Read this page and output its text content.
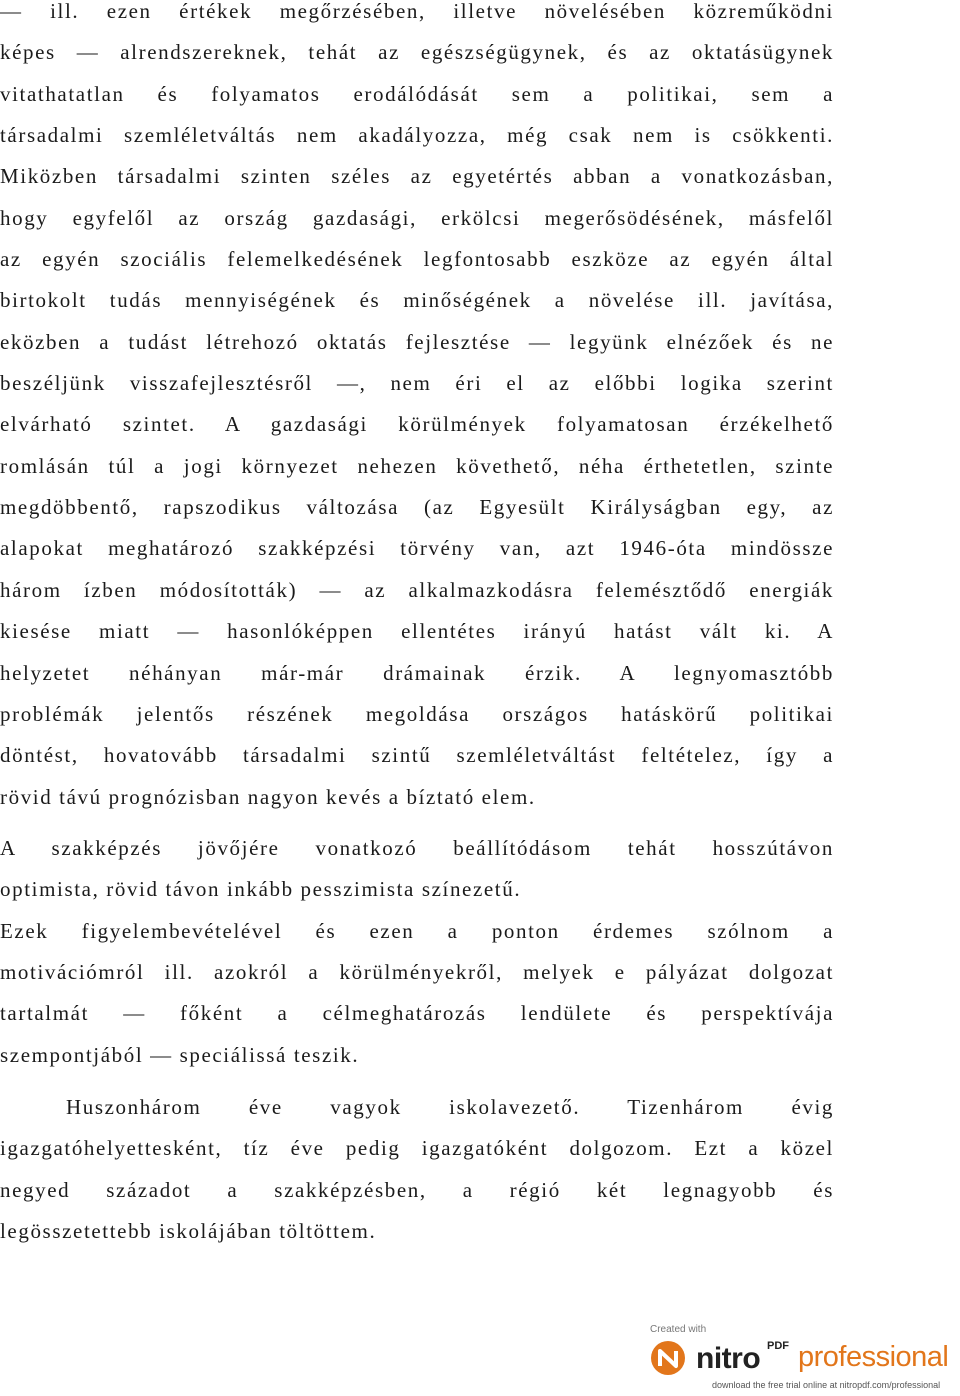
— ill. ezen értékek megőrzésében, illetve növelésében közreműködni
képes — alrendszereknek, tehát az egészségügynek, és az oktatásügynek
vitathatatlan és folyamatos erodálódását sem a politikai, sem a
társadalmi szemléletváltás nem akadályozza, még csak nem is csökkenti.
Miközben társadalmi szinten széles az egyetértés abban a vonatkozásban,
hogy egyfelől az ország gazdasági, erkölcsi megerősödésének, másfelől
az egyén szociális felemelkedésének legfontosabb eszköze az egyén által
birtokolt tudás mennyiségének és minőségének a növelése ill. javítása,
eközben a tudást létrehozó oktatás fejlesztése — legyünk elnézőek és ne
beszéljünk visszafejlesztésről —, nem éri el az előbbi logika szerint
elvárható szintet. A gazdasági körülmények folyamatosan érzékelhető
romlásán túl a jogi környezet nehezen követhető, néha érthetetlen, szinte
megdöbbentő, rapszodikus változása (az Egyesült Királyságban egy, az
alapokat meghatározó szakképzési törvény van, azt 1946-óta mindössze
három ízben módosították) — az alkalmazkodásra felemésztődő energiák
kiesése miatt — hasonlóképpen ellentétes irányú hatást vált ki. A
helyzetet néhányan már-már drámainak érzik. A legnyomasztóbb
problémák jelentős részének megoldása országos hatáskörű politikai
döntést, hovatovább társadalmi szintű szemléletváltást feltételez, így a
rövid távú prognózisban nagyon kevés a bíztató elem.
A szakképzés jövőjére vonatkozó beállítódásom tehát hosszútávon
optimista, rövid távon inkább pesszimista színezetű.
Ezek figyelembevételével és ezen a ponton érdemes szólnom a
motivációmról ill. azokról a körülményekről, melyek e pályázat dolgozat
tartalmát — főként a célmeghatározás lendülete és perspektívája
szempontjából — speciálissá teszik.
Huszonhárom éve vagyok iskolavezető. Tizenhárom évig
igazgatóhelyettesként, tíz éve pedig igazgatóként dolgozom. Ezt a közel
negyed századot a szakképzésben, a régió két legnagyobb és
legösszetettebb iskolájában töltöttem.
Created with
nitro PDF professional
download the free trial online at nitropdf.com/professional
